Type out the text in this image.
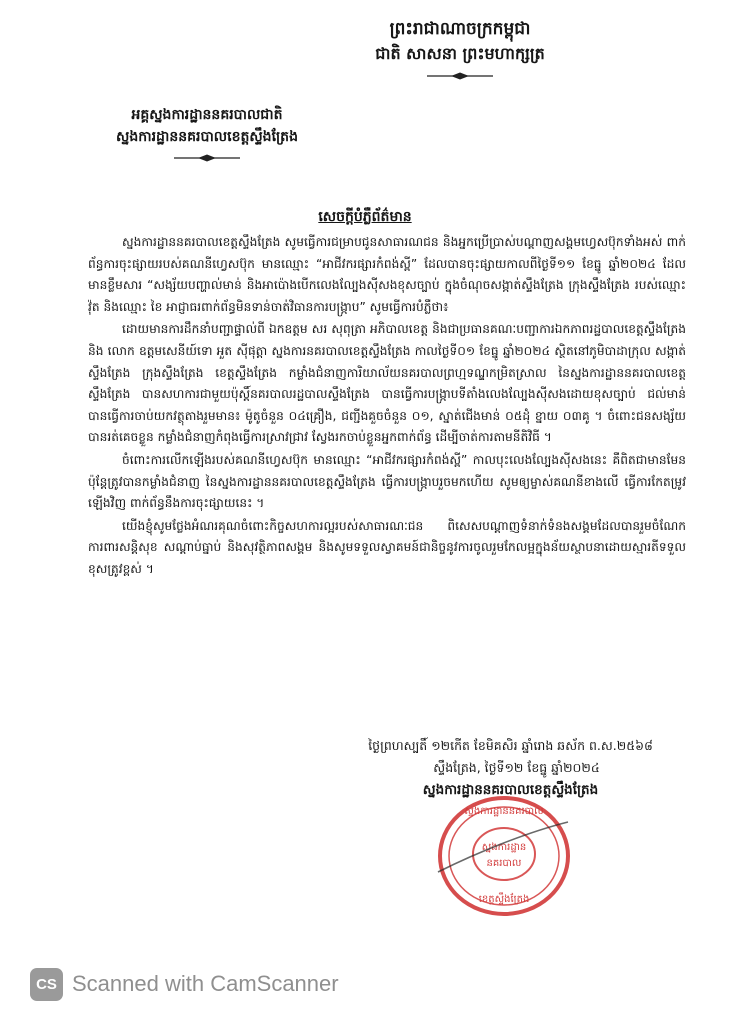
ព្រះរាជាណាចក្រកម្ពុជា
ជាតិ សាសនា ព្រះមហាក្សត្រ
អគ្គស្នងការដ្ឋាននគរបាលជាតិ
ស្នងការដ្ឋាននគរបាលខេត្តស្ទឹងត្រែង
សេចក្តីបំភ្លឺព័ត៌មាន

ស្នងការដ្ឋាននគរបាលខេត្តស្ទឹងត្រែង សូមធ្វើការជម្រាបជូនសាធារណជន និងអ្នកប្រើប្រាស់បណ្តាញសង្គមហ្វេសប៊ុកទាំងអស់ ពាក់ព័ន្ធការចុះផ្សាយរបស់គណនីហ្វេសប៊ុក មានឈ្មោះ “អាជីវករផ្សារកំពង់ស្ពី” ដែលបានចុះផ្សាយកាលពីថ្ងៃទី១១ ខែធ្នូ ឆ្នាំ២០២៤ ដែលមានខ្លឹមសារ “សង្ស័យបញ្ហាល់មាន់ និងអាប៉ោងបើកលេងល្បែងស៊ីសងខុសច្បាប់ ក្នុងចំណុចសង្កាត់ស្ទឹងត្រែង ក្រុងស្ទឹងត្រែង របស់ឈ្មោះ វ៉ុត និងឈ្មោះ ខៃ អាជ្ញាធរពាក់ព័ន្ធមិនទាន់ចាត់វិធានការបង្ក្រាប” សូមធ្វើការបំភ្លឺថា៖

ដោយមានការដឹកនាំបញ្ជាផ្ទាល់ពី ឯកឧត្តម សរ សុពុត្រា អភិបាលខេត្ត និងជាប្រធានគណៈបញ្ជាការឯកភាពរដ្ឋបាលខេត្តស្ទឹងត្រែង និង លោក ឧត្តមសេនីយ៍ទោ អួត ស៊ីផុត្តា ស្នងការនគរបាលខេត្តស្ទឹងត្រែង កាលថ្ងៃទី០១ ខែធ្នូ ឆ្នាំ២០២៤ ស្ថិតនៅភូមិបាដាក្រុល សង្កាត់ស្ទឹងត្រែង ក្រុងស្ទឹងត្រែង ខេត្តស្ទឹងត្រែង កម្លាំងជំនាញការិយាល័យនគរបាលព្រហ្មទណ្ឌកម្រិតស្រាល នៃស្នងការដ្ឋាននគរបាលខេត្តស្ទឹងត្រែង បានសហការជាមួយប៉ុស្តិ៍នគរបាលរដ្ឋបាលស្ទឹងត្រែង បានធ្វើការបង្ក្រាបទីតាំងលេងល្បែងស៊ីសងដោយខុសច្បាប់ ជល់មាន់ បានធ្វើការចាប់យកវត្ថុតាងរួមមាន៖ ម៉ូតូចំនួន ០៤គ្រឿង, ជញ្ជីងគួចចំនួន ០១, ស្នាត់ជើងមាន់ ០៥ដុំ ខ្នាយ ០៣គូ ។ ចំពោះជនសង្ស័យបានរត់គេចខ្លួន កម្លាំងជំនាញកំពុងធ្វើការស្រាវជ្រាវ ស្វែងរកចាប់ខ្លួនអ្នកពាក់ព័ន្ធ ដើម្បីចាត់ការតាមនីតិវិធី ។

ចំពោះការលើកឡើងរបស់គណនីហ្វេសប៊ុក មានឈ្មោះ “អាជីវករផ្សារកំពង់ស្ពី” កាលបុះលេងល្បែងស៊ីសងនេះ គឺពិតជាមានមែន ប៉ុន្តែត្រូវបានកម្លាំងជំនាញ នៃស្នងការដ្ឋាននគរបាលខេត្តស្ទឹងត្រែង ធ្វើការបង្ក្រាបរួចមកហើយ សូមឲ្យម្ចាស់គណនីខាងលើ ធ្វើការកែតម្រូវឡើងវិញ ពាក់ព័ន្ធនឹងការចុះផ្សាយនេះ ។

យើងខ្ញុំសូមថ្លែងអំណរគុណចំពោះកិច្ចសហការល្អរបស់សាធារណៈជន ពិសេសបណ្តាញទំនាក់ទំនងសង្គមដែលបានរួមចំណែកការពារសន្តិសុខ សណ្តាប់ធ្នាប់ និងសុវត្ថិភាពសង្គម និងសូមទទួលស្វាគមន៍ជានិច្ចនូវការចូលរួមកែលម្អក្នុងន័យស្ថាបនាដោយស្មារតីទទួលខុសត្រូវខ្ពស់ ។

ថ្ងៃព្រហស្បតិ៍ ១២កើត ខែមិគសិរ ឆ្នាំរោង ឆស័ក ព.ស.២៥៦៨
ស្ទឹងត្រែង, ថ្ងៃទី១២ ខែធ្នូ ឆ្នាំ២០២៤
ស្នងការដ្ឋាននគរបាលខេត្តស្ទឹងត្រែង
ស្នងការដ្ឋាននគរបាល
ស្នងការដ្ឋាន
នគរបាល
ខេត្តស្ទឹងត្រែង
CS Scanned with CamScanner
